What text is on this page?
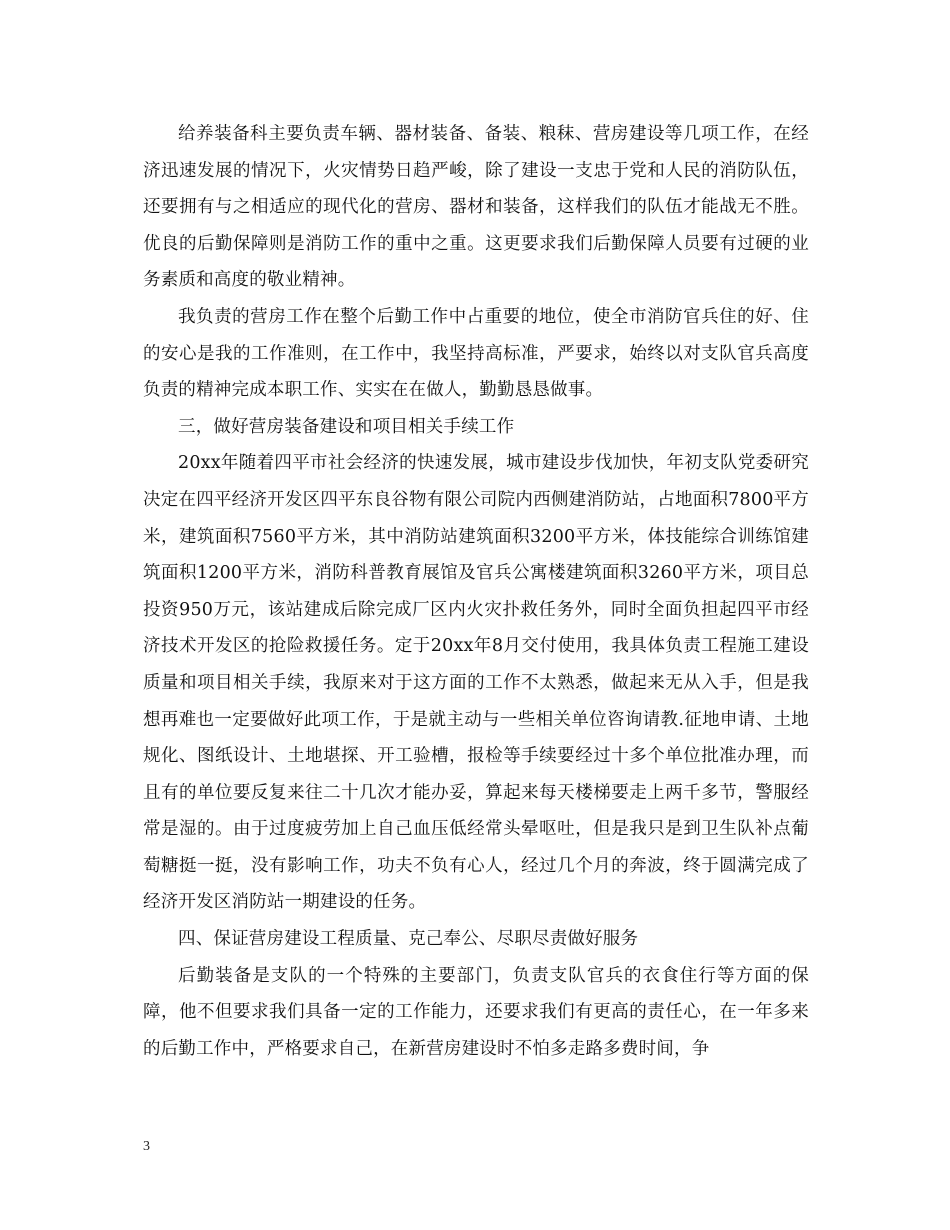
给养装备科主要负责车辆、器材装备、备装、粮秣、营房建设等几项工作，在经济迅速发展的情况下，火灾情势日趋严峻，除了建设一支忠于党和人民的消防队伍，还要拥有与之相适应的现代化的营房、器材和装备，这样我们的队伍才能战无不胜。优良的后勤保障则是消防工作的重中之重。这更要求我们后勤保障人员要有过硬的业务素质和高度的敬业精神。

我负责的营房工作在整个后勤工作中占重要的地位，使全市消防官兵住的好、住的安心是我的工作准则，在工作中，我坚持高标准，严要求，始终以对支队官兵高度负责的精神完成本职工作、实实在在做人，勤勤恳恳做事。

三，做好营房装备建设和项目相关手续工作

20xx年随着四平市社会经济的快速发展，城市建设步伐加快，年初支队党委研究决定在四平经济开发区四平东良谷物有限公司院内西侧建消防站，占地面积7800平方米，建筑面积7560平方米，其中消防站建筑面积3200平方米，体技能综合训练馆建筑面积1200平方米，消防科普教育展馆及官兵公寓楼建筑面积3260平方米，项目总投资950万元，该站建成后除完成厂区内火灾扑救任务外，同时全面负担起四平市经济技术开发区的抢险救援任务。定于20xx年8月交付使用，我具体负责工程施工建设质量和项目相关手续，我原来对于这方面的工作不太熟悉，做起来无从入手，但是我想再难也一定要做好此项工作，于是就主动与一些相关单位咨询请教.征地申请、土地规化、图纸设计、土地堪探、开工验槽，报检等手续要经过十多个单位批准办理，而且有的单位要反复来往二十几次才能办妥，算起来每天楼梯要走上两千多节，警服经常是湿的。由于过度疲劳加上自己血压低经常头晕呕吐，但是我只是到卫生队补点葡萄糖挺一挺，没有影响工作，功夫不负有心人，经过几个月的奔波，终于圆满完成了经济开发区消防站一期建设的任务。

四、保证营房建设工程质量、克己奉公、尽职尽责做好服务

后勤装备是支队的一个特殊的主要部门，负责支队官兵的衣食住行等方面的保障，他不但要求我们具备一定的工作能力，还要求我们有更高的责任心，在一年多来的后勤工作中，严格要求自己，在新营房建设时不怕多走路多费时间，争

3
